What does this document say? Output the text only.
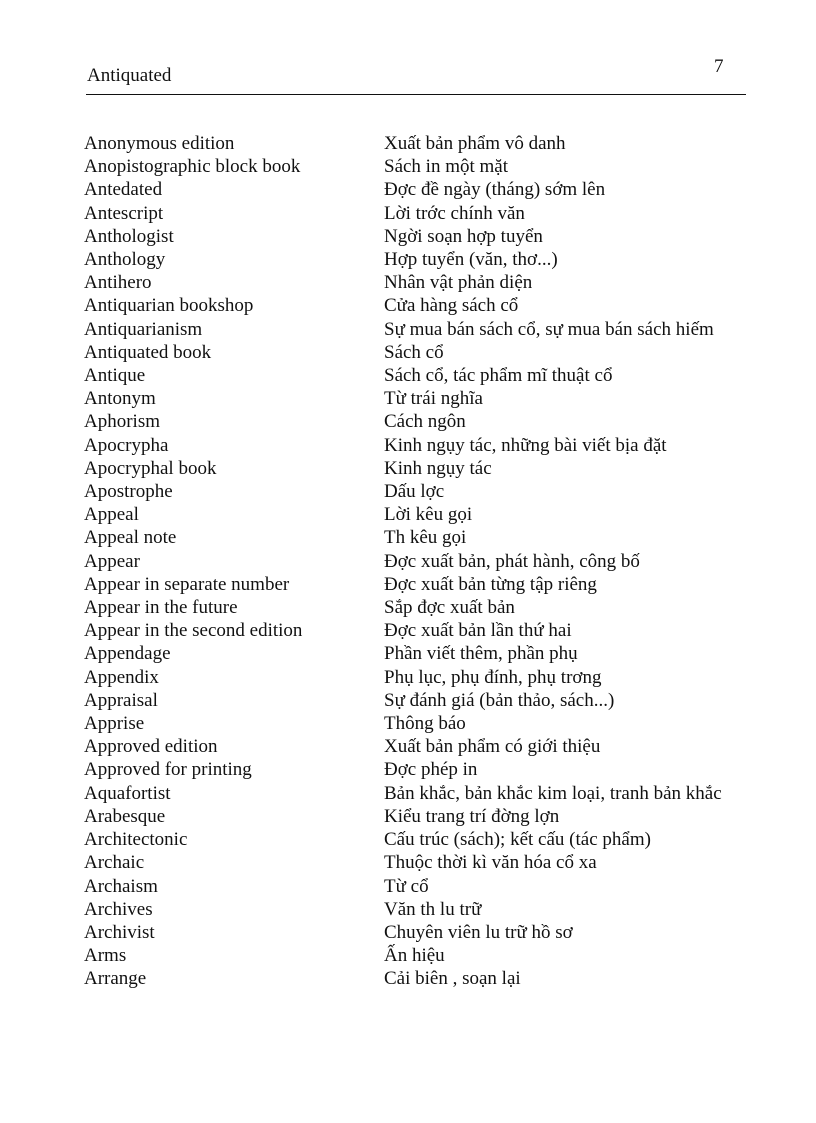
Antiquated	7
Anonymous edition	Xuất bản phẩm vô danh
Anopistographic block book	Sách in một mặt
Antedated	Đợc đề ngày (tháng) sớm lên
Antescript	Lời trớc chính văn
Anthologist	Ngời soạn hợp tuyển
Anthology	Hợp tuyển (văn, thơ...)
Antihero	Nhân vật phản diện
Antiquarian bookshop	Cửa hàng sách cổ
Antiquarianism	Sự mua bán sách cổ, sự mua bán sách hiếm
Antiquated book	Sách cổ
Antique	Sách cổ, tác phẩm mĩ thuật cổ
Antonym	Từ trái nghĩa
Aphorism	Cách ngôn
Apocrypha	Kinh ngụy tác, những bài viết bịa đặt
Apocryphal book	Kinh ngụy tác
Apostrophe	Dấu lợc
Appeal	Lời kêu gọi
Appeal note	Th kêu gọi
Appear	Đợc xuất bản, phát hành, công bố
Appear in separate number	Đợc xuất bản từng tập riêng
Appear in the future	Sắp đợc xuất bản
Appear in the second edition	Đợc xuất bản lần thứ hai
Appendage	Phần viết thêm, phần phụ
Appendix	Phụ lục, phụ đính, phụ trơng
Appraisal	Sự đánh giá (bản thảo, sách...)
Apprise	Thông báo
Approved edition	Xuất bản phẩm có giới thiệu
Approved for printing	Đợc phép in
Aquafortist	Bản khắc, bản khắc kim loại, tranh bản khắc
Arabesque	Kiểu trang trí đờng lợn
Architectonic	Cấu trúc (sách); kết cấu (tác phẩm)
Archaic	Thuộc thời kì văn hóa cổ xa
Archaism	Từ cổ
Archives	Văn th lu trữ
Archivist	Chuyên viên lu trữ hồ sơ
Arms	Ấn hiệu
Arrange	Cải biên , soạn lại
